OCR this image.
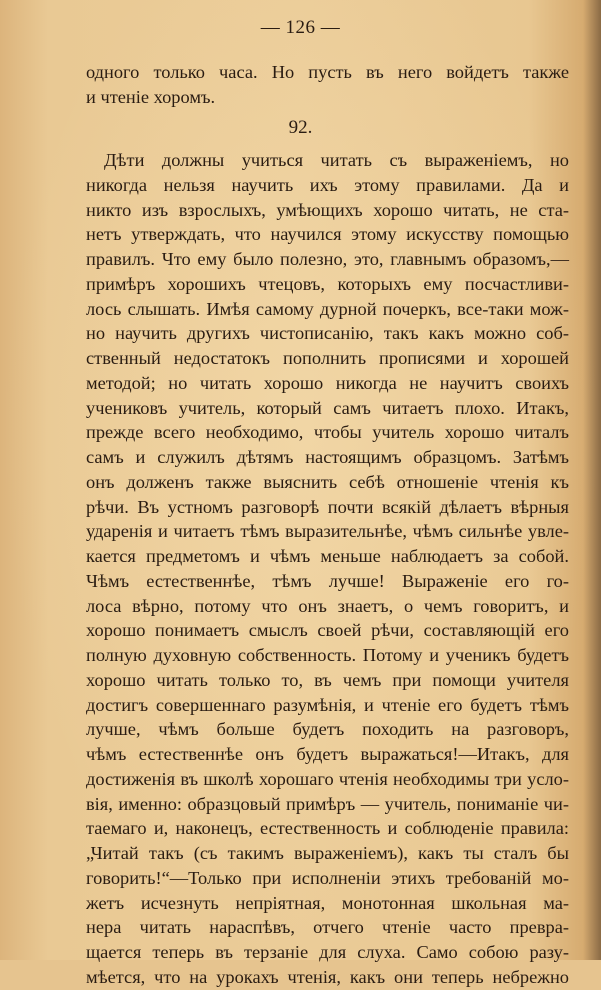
— 126 —
одного только часа. Но пусть въ него войдетъ также
и чтеніе хоромъ.
92.
Дѣти должны учиться читать съ выраженіемъ, но
никогда нельзя научить ихъ этому правилами. Да и
никто изъ взрослыхъ, умѣющихъ хорошо читать, не ста-
нетъ утверждать, что научился этому искусству помощью
правилъ. Что ему было полезно, это, главнымъ образомъ,—
примѣръ хорошихъ чтецовъ, которыхъ ему посчастливи-
лось слышать. Имѣя самому дурной почеркъ, все-таки мож-
но научить другихъ чистописанію, такъ какъ можно соб-
ственный недостатокъ пополнить прописями и хорошей
методой; но читать хорошо никогда не научитъ своихъ
учениковъ учитель, который самъ читаетъ плохо. Итакъ,
прежде всего необходимо, чтобы учитель хорошо читалъ
самъ и служилъ дѣтямъ настоящимъ образцомъ. Затѣмъ
онъ долженъ также выяснить себѣ отношеніе чтенія къ
рѣчи. Въ устномъ разговорѣ почти всякій дѣлаетъ вѣрныя
ударенія и читаетъ тѣмъ выразительнѣе, чѣмъ сильнѣе увле-
кается предметомъ и чѣмъ меньше наблюдаетъ за собой.
Чѣмъ естественнѣе, тѣмъ лучше! Выраженіе его го-
лоса вѣрно, потому что онъ знаетъ, о чемъ говоритъ, и
хорошо понимаетъ смыслъ своей рѣчи, составляющій его
полную духовную собственность. Потому и ученикъ будетъ
хорошо читать только то, въ чемъ при помощи учителя
достигъ совершеннаго разумѣнія, и чтеніе его будетъ тѣмъ
лучше, чѣмъ больше будетъ походить на разговоръ,
чѣмъ естественнѣе онъ будетъ выражаться!—Итакъ, для
достиженія въ школѣ хорошаго чтенія необходимы три усло-
вія, именно: образцовый примѣръ — учитель, пониманіе чи-
таемаго и, наконецъ, естественность и соблюденіе правила:
„Читай такъ (съ такимъ выраженіемъ), какъ ты сталъ бы
говорить!“—Только при исполненіи этихъ требованій мо-
жетъ исчезнуть непріятная, монотонная школьная ма-
нера читать нараспѣвъ, отчего чтеніе часто превра-
щается теперь въ терзаніе для слуха. Само собою разу-
мѣется, что на урокахъ чтенія, какъ они теперь небрежно
